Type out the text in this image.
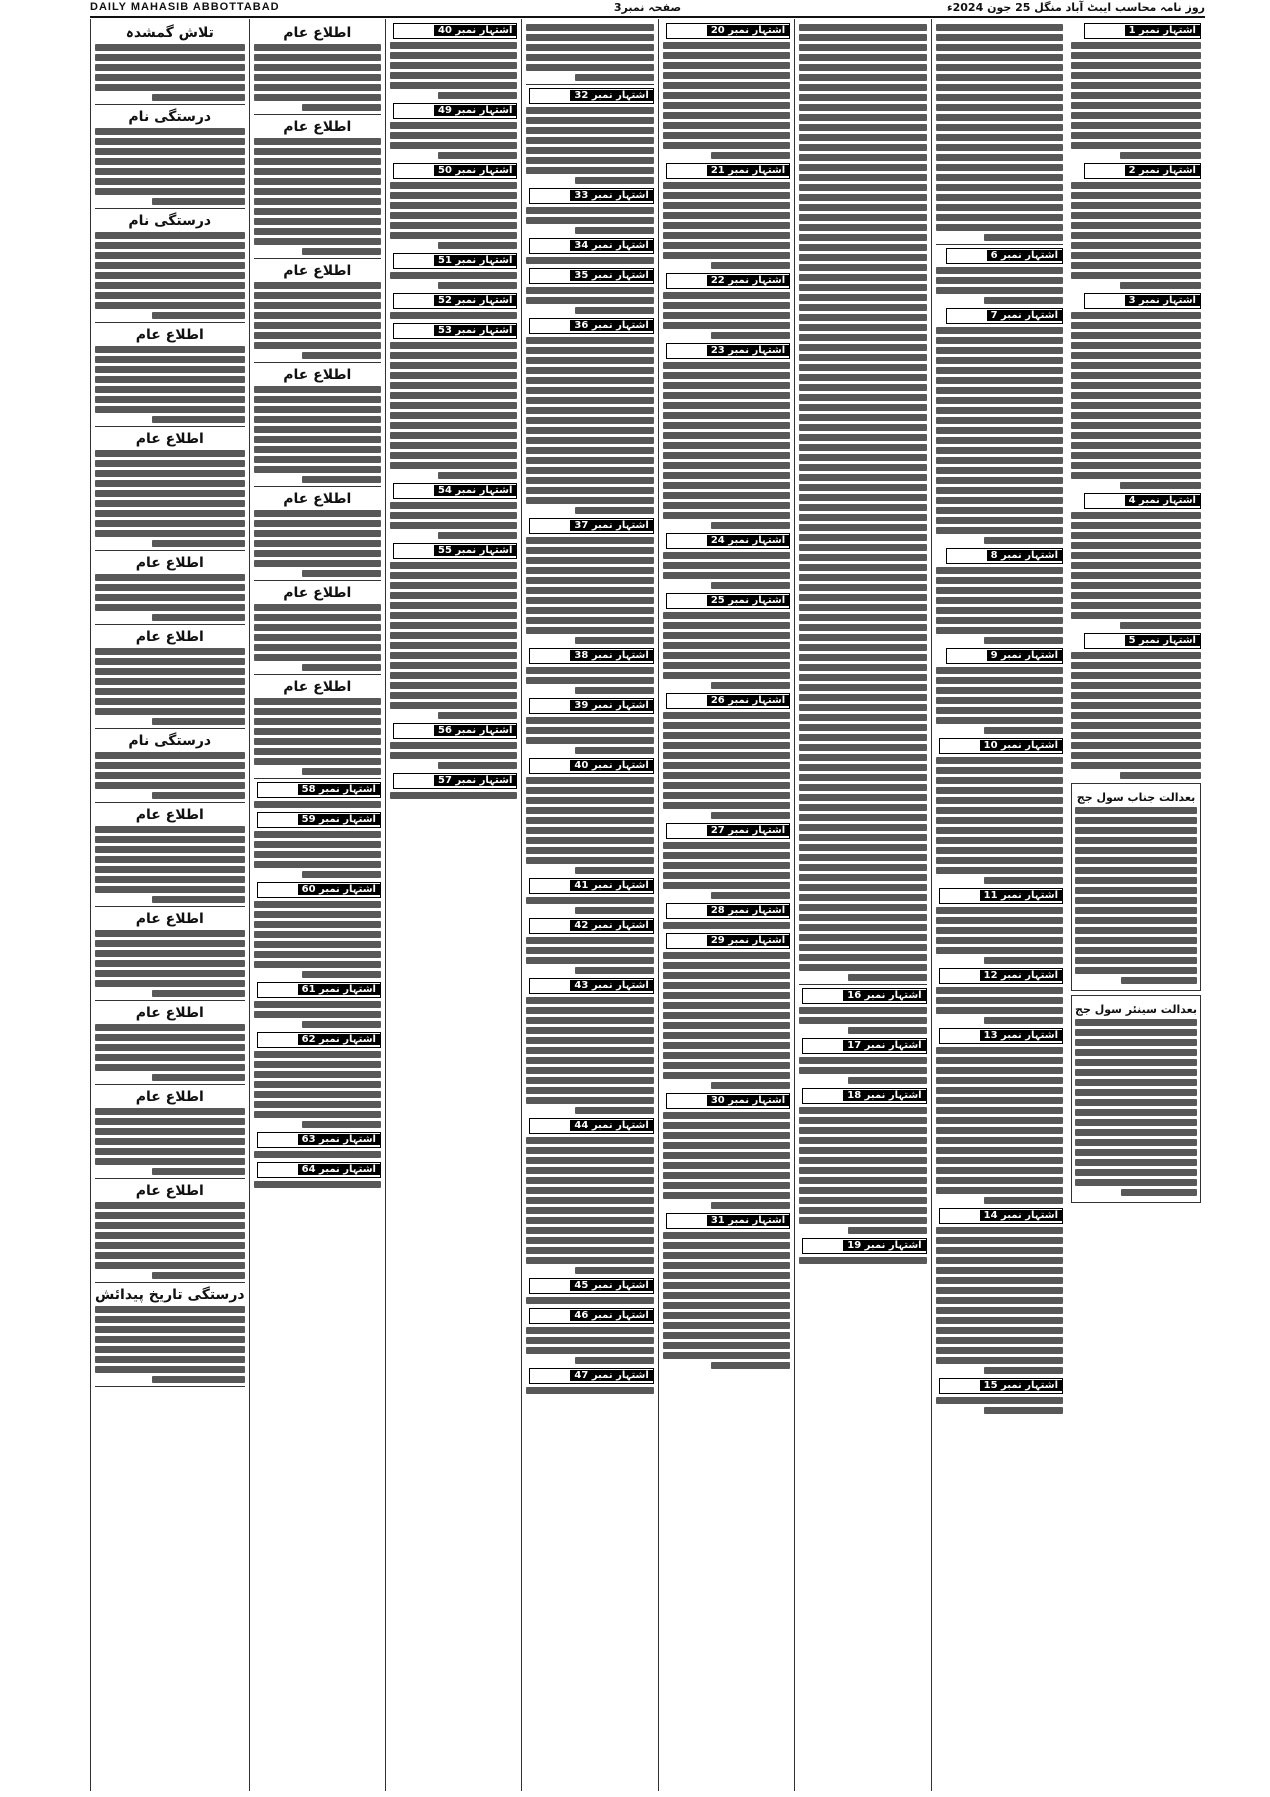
DAILY MAHASIB ABBOTTABAD	صفحہ نمبر3	روز نامہ محاسب ایبٹ آباد منگل 25 جون 2024ء
اشتہار نمبر 1
اشتہار نمبر 2
اشتہار نمبر 3
اشتہار نمبر 4
اشتہار نمبر 5
بعدالت جناب سول جج
بعدالت سینئر سول جج
اشتہار نمبر 6
اشتہار نمبر 7
اشتہار نمبر 8
اشتہار نمبر 9
اشتہار نمبر 10
اشتہار نمبر 11
اشتہار نمبر 12
اشتہار نمبر 13
اشتہار نمبر 14
اشتہار نمبر 15
اشتہار نمبر 16
اشتہار نمبر 17
اشتہار نمبر 18
اشتہار نمبر 19
اشتہار نمبر 20
اشتہار نمبر 21
اشتہار نمبر 22
اشتہار نمبر 23
اشتہار نمبر 24
اشتہار نمبر 25
اشتہار نمبر 26
اشتہار نمبر 27
اشتہار نمبر 28
اشتہار نمبر 29
اشتہار نمبر 30
اشتہار نمبر 31
اشتہار نمبر 32
اشتہار نمبر 33
اشتہار نمبر 34
اشتہار نمبر 35
اشتہار نمبر 36
اشتہار نمبر 37
اشتہار نمبر 38
اشتہار نمبر 39
اشتہار نمبر 40
اشتہار نمبر 41
اشتہار نمبر 42
اشتہار نمبر 43
اشتہار نمبر 44
اشتہار نمبر 45
اشتہار نمبر 46
اشتہار نمبر 47
اشتہار نمبر 40
اشتہار نمبر 49
اشتہار نمبر 50
اشتہار نمبر 51
اشتہار نمبر 52
اشتہار نمبر 53
اشتہار نمبر 54
اشتہار نمبر 55
اشتہار نمبر 56
اشتہار نمبر 57
اطلاع عام
اطلاع عام
اطلاع عام
اطلاع عام
اطلاع عام
اطلاع عام
اطلاع عام
اشتہار نمبر 58
اشتہار نمبر 59
اشتہار نمبر 60
اشتہار نمبر 61
اشتہار نمبر 62
اشتہار نمبر 63
اشتہار نمبر 64
تلاش گمشدہ
درستگی نام
درستگی نام
اطلاع عام
اطلاع عام
اطلاع عام
اطلاع عام
درستگی نام
اطلاع عام
اطلاع عام
اطلاع عام
اطلاع عام
اطلاع عام
درستگی تاریخ پیدائش
